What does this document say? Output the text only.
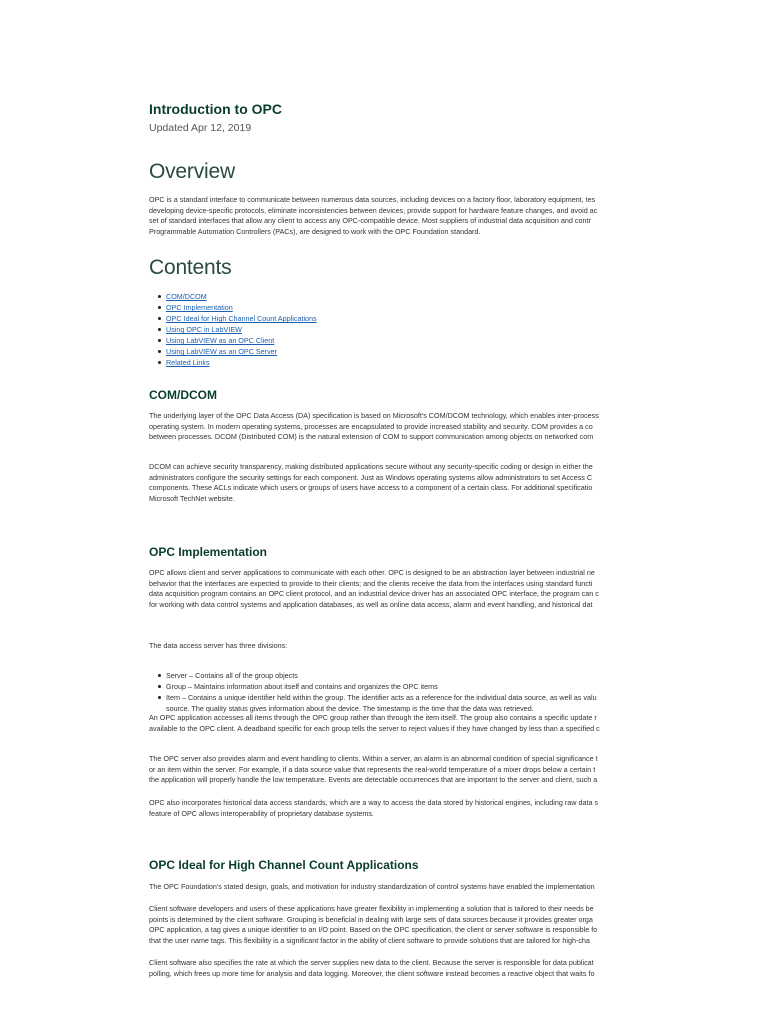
Introduction to OPC
Updated Apr 12, 2019
Overview
OPC is a standard interface to communicate between numerous data sources, including devices on a factory floor, laboratory equipment, tes
developing device-specific protocols, eliminate inconsistencies between devices, provide support for hardware feature changes, and avoid ac
set of standard interfaces that allow any client to access any OPC-compatible device. Most suppliers of industrial data acquisition and contr
Programmable Automation Controllers (PACs), are designed to work with the OPC Foundation standard.
Contents
COM/DCOM
OPC Implementation
OPC Ideal for High Channel Count Applications
Using OPC in LabVIEW
Using LabVIEW as an OPC Client
Using LabVIEW as an OPC Server
Related Links
COM/DCOM
The underlying layer of the OPC Data Access (DA) specification is based on Microsoft's COM/DCOM technology, which enables inter-process
operating system. In modern operating systems, processes are encapsulated to provide increased stability and security. COM provides a co
between processes. DCOM (Distributed COM) is the natural extension of COM to support communication among objects on networked com
DCOM can achieve security transparency, making distributed applications secure without any security-specific coding or design in either the
administrators configure the security settings for each component. Just as Windows operating systems allow administrators to set Access C
components. These ACLs indicate which users or groups of users have access to a component of a certain class. For additional specificatio
Microsoft TechNet website.
OPC Implementation
OPC allows client and server applications to communicate with each other. OPC is designed to be an abstraction layer between industrial ne
behavior that the interfaces are expected to provide to their clients; and the clients receive the data from the interfaces using standard functi
data acquisition program contains an OPC client protocol, and an industrial device driver has an associated OPC interface, the program can c
for working with data control systems and application databases, as well as online data access, alarm and event handling, and historical dat
The data access server has three divisions:
Server – Contains all of the group objects
Group – Maintains information about itself and contains and organizes the OPC items
Item – Contains a unique identifier held within the group. The identifier acts as a reference for the individual data source, as well as valu
source. The quality status gives information about the device. The timestamp is the time that the data was retrieved.
An OPC application accesses all items through the OPC group rather than through the item itself. The group also contains a specific update r
available to the OPC client. A deadband specific for each group tells the server to reject values if they have changed by less than a specified c
The OPC server also provides alarm and event handling to clients. Within a server, an alarm is an abnormal condition of special significance t
or an item within the server. For example, if a data source value that represents the real-world temperature of a mixer drops below a certain t
the application will properly handle the low temperature. Events are detectable occurrences that are important to the server and client, such a
OPC also incorporates historical data access standards, which are a way to access the data stored by historical engines, including raw data s
feature of OPC allows interoperability of proprietary database systems.
OPC Ideal for High Channel Count Applications
The OPC Foundation's stated design, goals, and motivation for industry standardization of control systems have enabled the implementation
Client software developers and users of these applications have greater flexibility in implementing a solution that is tailored to their needs be
points is determined by the client software. Grouping is beneficial in dealing with large sets of data sources because it provides greater orga
OPC application, a tag gives a unique identifier to an I/O point. Based on the OPC specification, the client or server software is responsible fo
that the user name tags. This flexibility is a significant factor in the ability of client software to provide solutions that are tailored for high-cha
Client software also specifies the rate at which the server supplies new data to the client. Because the server is responsible for data publicat
polling, which frees up more time for analysis and data logging. Moreover, the client software instead becomes a reactive object that waits fo
